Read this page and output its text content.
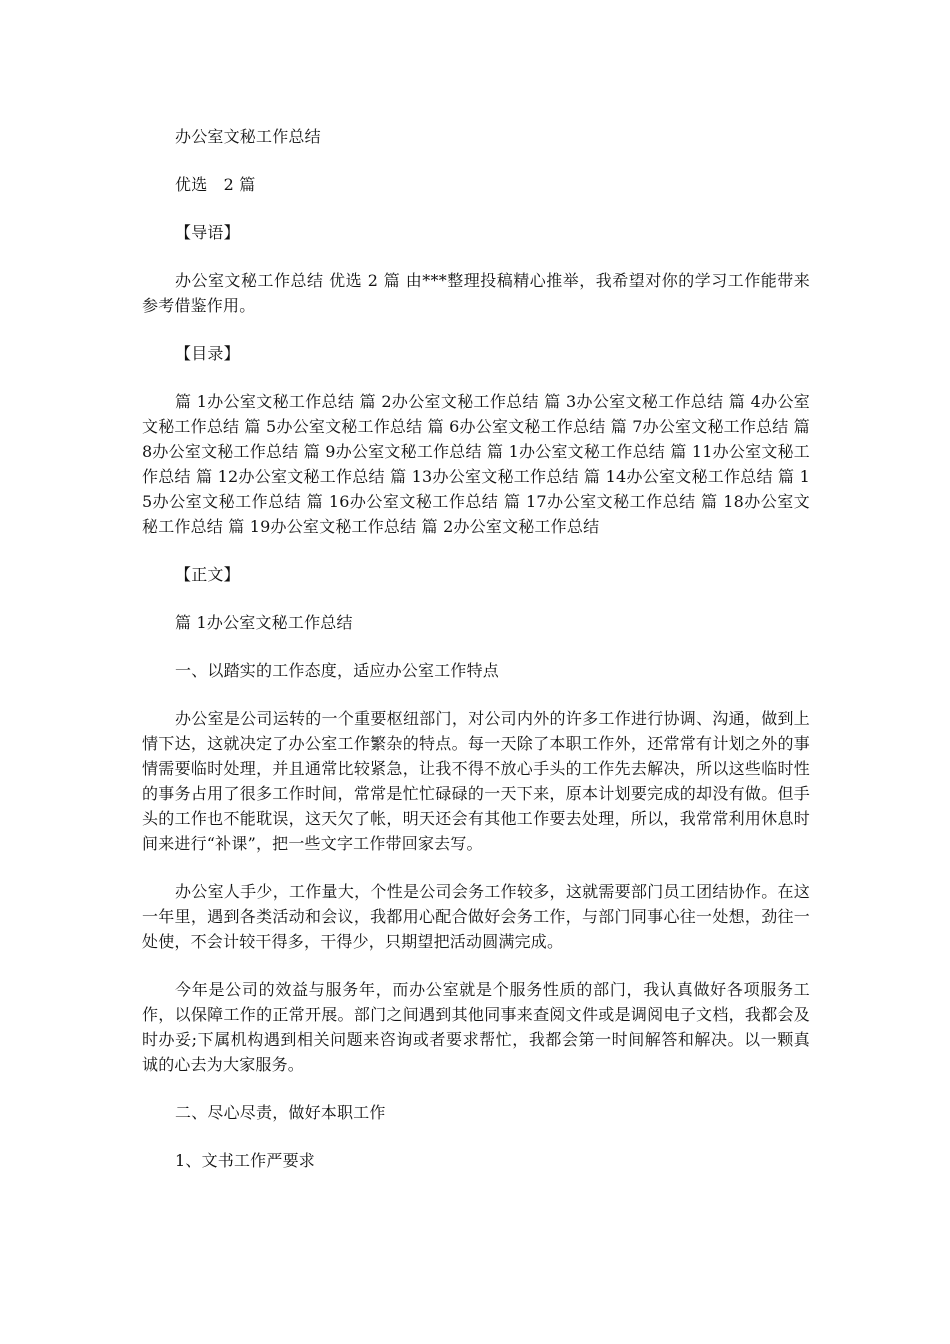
办公室文秘工作总结

优选　2 篇

【导语】

办公室文秘工作总结 优选 2 篇 由***整理投稿精心推举，我希望对你的学习工作能带来参考借鉴作用。

【目录】

篇 1办公室文秘工作总结 篇 2办公室文秘工作总结 篇 3办公室文秘工作总结 篇 4办公室文秘工作总结 篇 5办公室文秘工作总结 篇 6办公室文秘工作总结 篇 7办公室文秘工作总结 篇 8办公室文秘工作总结 篇 9办公室文秘工作总结 篇 1办公室文秘工作总结 篇 11办公室文秘工作总结 篇 12办公室文秘工作总结 篇 13办公室文秘工作总结 篇 14办公室文秘工作总结 篇 15办公室文秘工作总结 篇 16办公室文秘工作总结 篇 17办公室文秘工作总结 篇 18办公室文秘工作总结 篇 19办公室文秘工作总结 篇 2办公室文秘工作总结

【正文】

篇 1办公室文秘工作总结

一、以踏实的工作态度，适应办公室工作特点

办公室是公司运转的一个重要枢纽部门，对公司内外的许多工作进行协调、沟通，做到上情下达，这就决定了办公室工作繁杂的特点。每一天除了本职工作外，还常常有计划之外的事情需要临时处理，并且通常比较紧急，让我不得不放心手头的工作先去解决，所以这些临时性的事务占用了很多工作时间，常常是忙忙碌碌的一天下来，原本计划要完成的却没有做。但手头的工作也不能耽误，这天欠了帐，明天还会有其他工作要去处理，所以，我常常利用休息时间来进行“补课”，把一些文字工作带回家去写。

办公室人手少，工作量大，个性是公司会务工作较多，这就需要部门员工团结协作。在这一年里，遇到各类活动和会议，我都用心配合做好会务工作，与部门同事心往一处想，劲往一处使，不会计较干得多，干得少，只期望把活动圆满完成。

今年是公司的效益与服务年，而办公室就是个服务性质的部门，我认真做好各项服务工作，以保障工作的正常开展。部门之间遇到其他同事来查阅文件或是调阅电子文档，我都会及时办妥;下属机构遇到相关问题来咨询或者要求帮忙，我都会第一时间解答和解决。以一颗真诚的心去为大家服务。

二、尽心尽责，做好本职工作

1、文书工作严要求
